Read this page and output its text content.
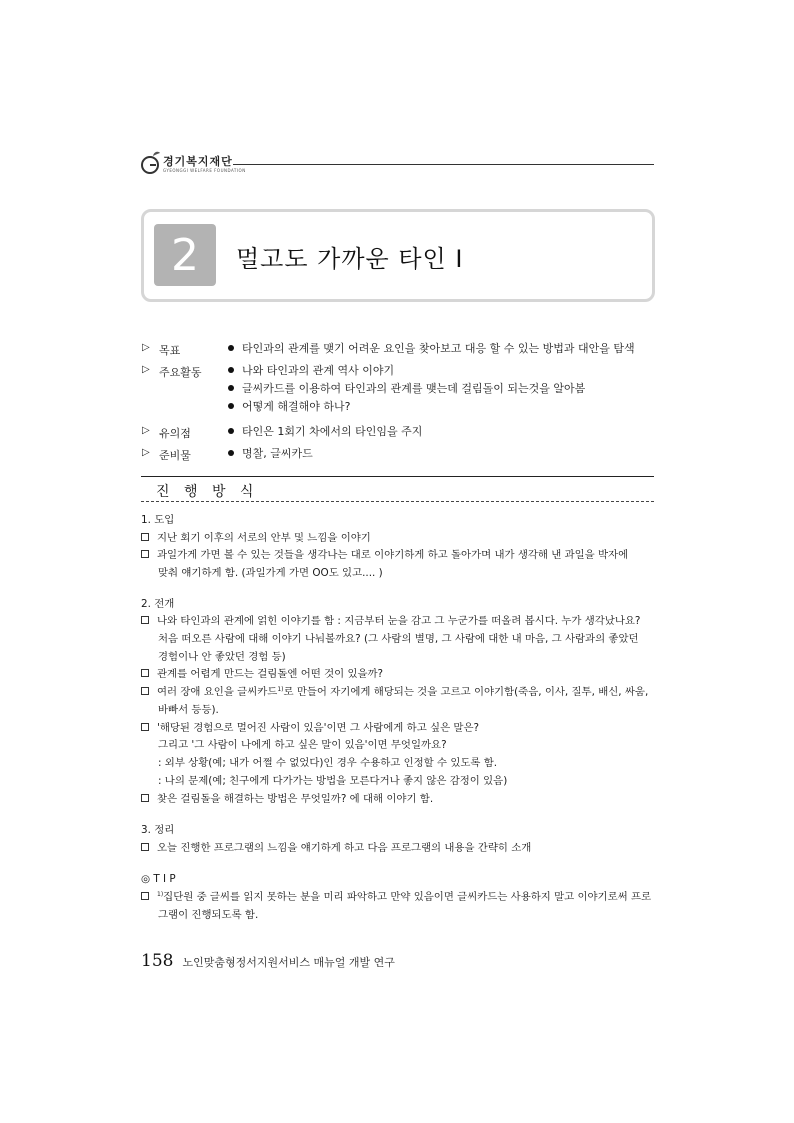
경기복지재단
GYEONGGI WELFARE FOUNDATION
2	멀고도 가까운 타인 Ⅰ
▷ 목표	타인과의 관계를 맺기 어려운 요인을 찾아보고 대응 할 수 있는 방법과 대안을 탐색
▷ 주요활동	나와 타인과의 관계 역사 이야기
글씨카드를 이용하여 타인과의 관계를 맺는데 걸림돌이 되는것을 알아봄
어떻게 해결해야 하나?
▷ 유의점	타인은 1회기 차에서의 타인임을 주지
▷ 준비물	명찰, 글씨카드
진 행 방 식
1. 도입
지난 회기 이후의 서로의 안부 및 느낌을 이야기
과일가게 가면 볼 수 있는 것들을 생각나는 대로 이야기하게 하고 돌아가며 내가 생각해 낸 과일을 박자에
맞춰 얘기하게 함. (과일가게 가면 OO도 있고.... )
2. 전개
나와 타인과의 관계에 얽힌 이야기를 함 : 지금부터 눈을 감고 그 누군가를 떠올려 봅시다. 누가 생각났나요?
처음 떠오른 사람에 대해 이야기 나눠볼까요? (그 사람의 별명, 그 사람에 대한 내 마음, 그 사람과의 좋았던
경험이나 안 좋았던 경험 등)
관계를 어렵게 만드는 걸림돌엔 어떤 것이 있을까?
여러 장애 요인을 글씨카드$^{1)}$로 만들어 자기에게 해당되는 것을 고르고 이야기함(죽음, 이사, 질투, 배신, 싸움,
바빠서 등등).
'해당된 경험으로 멀어진 사람이 있음'이면 그 사람에게 하고 싶은 말은?
그리고 '그 사람이 나에게 하고 싶은 말이 있음'이면 무엇일까요?
: 외부 상황(예; 내가 어쩔 수 없었다)인 경우 수용하고 인정할 수 있도록 함.
: 나의 문제(예; 친구에게 다가가는 방법을 모른다거나 좋지 않은 감정이 있음)
찾은 걸림돌을 해결하는 방법은 무엇일까? 에 대해 이야기 함.
3. 정리
오늘 진행한 프로그램의 느낌을 얘기하게 하고 다음 프로그램의 내용을 간략히 소개
◎ T I P
$^{1)}$집단원 중 글씨를 읽지 못하는 분을 미리 파악하고 만약 있음이면 글씨카드는 사용하지 말고 이야기로써 프로
그램이 진행되도록 함.
158 노인맞춤형정서지원서비스 매뉴얼 개발 연구
